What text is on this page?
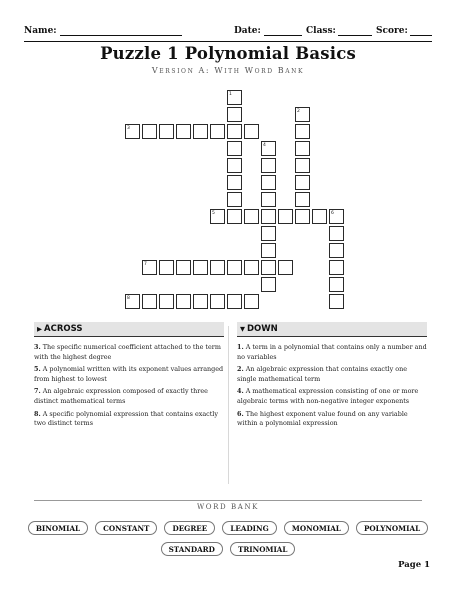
Name:	Date:	Class:	Score:
Puzzle 1 Polynomial Basics
Version A: With Word Bank
1
2
3
4
5	6
7
8
▶ ACROSS
3. The specific numerical coefficient attached to the term with the highest degree
5. A polynomial written with its exponent values arranged from highest to lowest
7. An algebraic expression composed of exactly three distinct mathematical terms
8. A specific polynomial expression that contains exactly two distinct terms
▼ DOWN
1. A term in a polynomial that contains only a number and no variables
2. An algebraic expression that contains exactly one single mathematical term
4. A mathematical expression consisting of one or more algebraic terms with non-negative integer exponents
6. The highest exponent value found on any variable within a polynomial expression
WORD BANK
BINOMIAL	CONSTANT	DEGREE	LEADING	MONOMIAL	POLYNOMIAL
STANDARD	TRINOMIAL
Page 1
